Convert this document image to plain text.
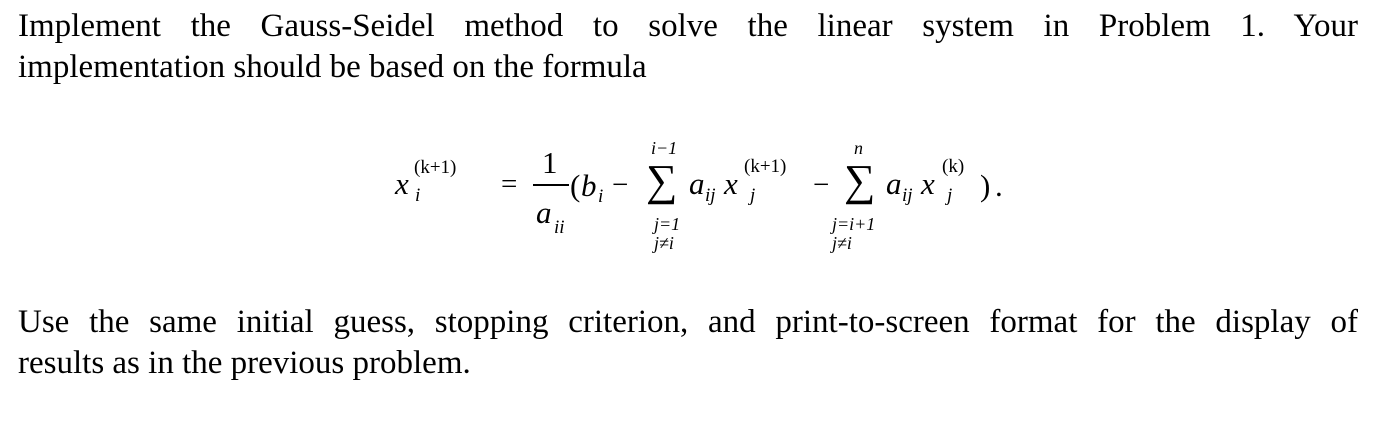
Implement the Gauss-Seidel method to solve the linear system in Problem 1. Your
implementation should be based on the formula
x i
(k+1)
=
1
a ii
( b i −
i−1
∑
j=1
j≠i
a ij x j
(k+1)
−
n
∑
j=i+1
j≠i
a ij x j
(k)
) .
Use the same initial guess, stopping criterion, and print-to-screen format for the display of
results as in the previous problem.
